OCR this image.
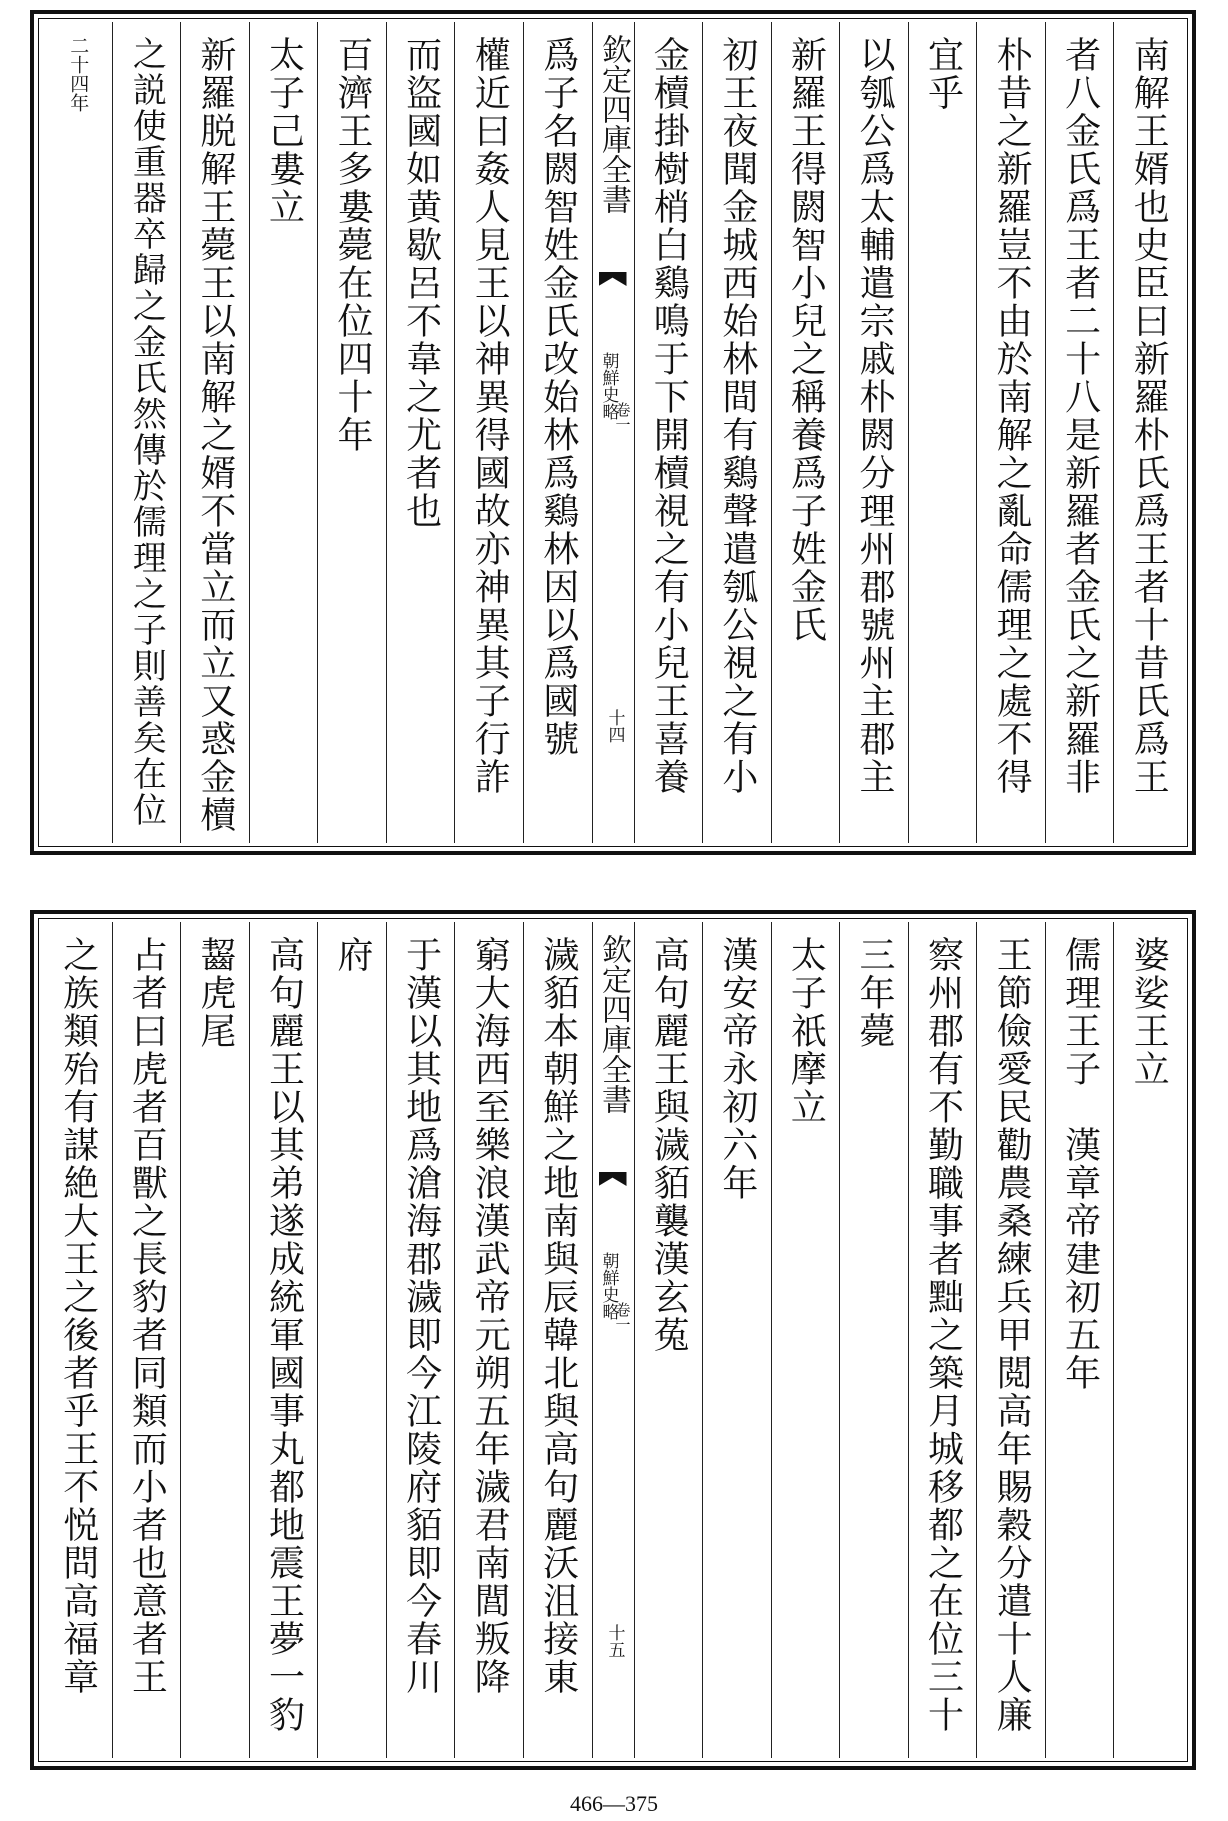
南解王婿也史臣曰新羅朴氏爲王者十昔氏爲王
者八金氏爲王者二十八是新羅者金氏之新羅非
朴昔之新羅豈不由於南解之亂命儒理之處不得
宜乎
以瓠公爲太輔遣宗戚朴閼分理州郡號州主郡主
新羅王得閼智小兒之稱養爲子姓金氏
初王夜聞金城西始林間有鷄聲遣瓠公視之有小
金櫝掛樹梢白鷄鳴于下開櫝視之有小兒王喜養
欽定四庫全書
朝鮮史略
卷一
十四
爲子名閼智姓金氏改始林爲鷄林因以爲國號
權近曰姦人見王以神異得國故亦神異其子行詐
而盜國如黄歇呂不韋之尤者也
百濟王多婁薨在位四十年
太子己婁立
新羅脱解王薨王以南解之婿不當立而立又惑金櫝
之説使重器卒歸之金氏然傳於儒理之子則善矣在位
二十四年
婆娑王立
儒理王子　漢章帝建初五年
王節儉愛民勸農桑練兵甲閲高年賜穀分遣十人廉
察州郡有不勤職事者黜之築月城移都之在位三十
三年薨
太子祇摩立
漢安帝永初六年
高句麗王與濊貊襲漢玄菟
欽定四庫全書
朝鮮史略
卷一
十五
濊貊本朝鮮之地南與辰韓北與高句麗沃沮接東
窮大海西至樂浪漢武帝元朔五年濊君南閭叛降
于漢以其地爲滄海郡濊即今江陵府貊即今春川
府
高句麗王以其弟遂成統軍國事丸都地震王夢一豹
齧虎尾
占者曰虎者百獸之長豹者同類而小者也意者王
之族類殆有謀絶大王之後者乎王不悦問高福章
466—375
